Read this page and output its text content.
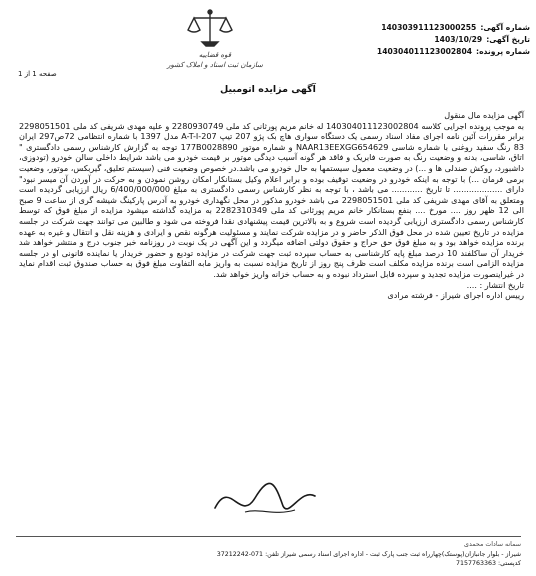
شماره آگهی:
140303911123000255
تاریخ آگهی:
1403/10/29
شماره پرونده:
140304011123002804
قوه قضاییه
سازمان ثبت اسناد و املاک کشور
صفحه 1 از 1
آگهی مزایده اتومبیل

آگهی مزایده مال منقول

به موجب پرونده اجرایی کلاسه 140304011123002804 له خانم مریم پورثانی کد ملی 2280930749 و علیه مهدی شریفی کد ملی 2298051501 برابر مقررات آئین نامه اجرای مفاد اسناد رسمی یک دستگاه سواری هاچ بک پژو 207 تیپ A-T-I-207 مدل 1397 با شماره انتظامی 72ص297 ایران 83 رنگ سفید روغنی با شماره شاسی NAAR13EEXGG654629 و شماره موتور 177B0028890 توجه به گزارش کارشناس رسمی دادگستری " اتاق، شاسی، بدنه و وضعیت رنگ به صورت فابریک و فاقد هر گونه آسیب دیدگی موتور بر قیمت خودرو می باشد شرایط داخلی سالن خودرو (تودوزی، داشبورد، روکش صندلی ها و ...) در وضعیت معمول سیستمها به حال خودرو می باشد.در خصوص وضعیت فنی (سیستم تعلیق، گیربکس، موتور، وضعیت برمی فرمان ...) با توجه به اینکه خودرو در وضعیت توقیف بوده و برابر اعلام وکیل بستانکار امکان روشن نمودن و به حرکت در آوردن آن میسر نبود" دارای ................... تا تاریخ ............ می باشد ، با توجه به نظر کارشناس رسمی دادگستری به مبلغ 6/400/000/000 ریال ارزیابی گردیده است ومتعلق به آقای مهدی شریفی کد ملی 2298051501 می باشد خودرو مذکور در محل نگهداری خودرو به آدرس پارکینگ شیشه گری از ساعت 9 صبح الی 12 ظهر روز .... مورخ .... بنفع بستانکار خانم مریم پورثانی کد ملی 2282310349 به مزایده گذاشته میشود مزایده از مبلغ فوق که توسط کارشناس رسمی دادگستری ارزیابی گردیده است شروع و به بالاترین قیمت پیشنهادی نقدا فروخته می شود و طالبین می توانند جهت شرکت در جلسه مزایده در تاریخ تعیین شده در محل فوق الذکر حاضر و در مزایده شرکت نمایند و مسئولیت هرگونه نقص و ایرادی و هزینه نقل و انتقال و غیره به عهده برنده مزایده خواهد بود و به مبلغ فوق حق حراج و حقوق دولتی اضافه میگردد و این آگهی در یک نوبت در روزنامه خبر جنوب درج و منتشر خواهد شد خریدار آن ساکلفند 10 درصد مبلغ پایه کارشناسی به حساب سپرده ثبت جهت شرکت در مزایده تودیع و حضور خریدار یا نماینده قانونی او در جلسه مزایده الزامی است برنده مزایده مکلف است ظرف پنج روز از تاریخ مزایده نسبت به واریز مابه التفاوت مبلغ فوق به حساب صندوق ثبت اقدام نماید در غیراینصورت مزایده تجدید و سپرده قابل استرداد نبوده و به حساب خزانه واریز خواهد شد.

تاریخ انتشار : ....

رییس اداره اجرای شیراز - فرشته مرادی

سمانه سادات محمدی
شیراز - بلوار جانبازان(پوستک)چهارراه ثبت جنب پارک ثبت - اداره اجرای اسناد رسمی شیراز تلفن: 071-37212242
کدپستی: 7157763363
